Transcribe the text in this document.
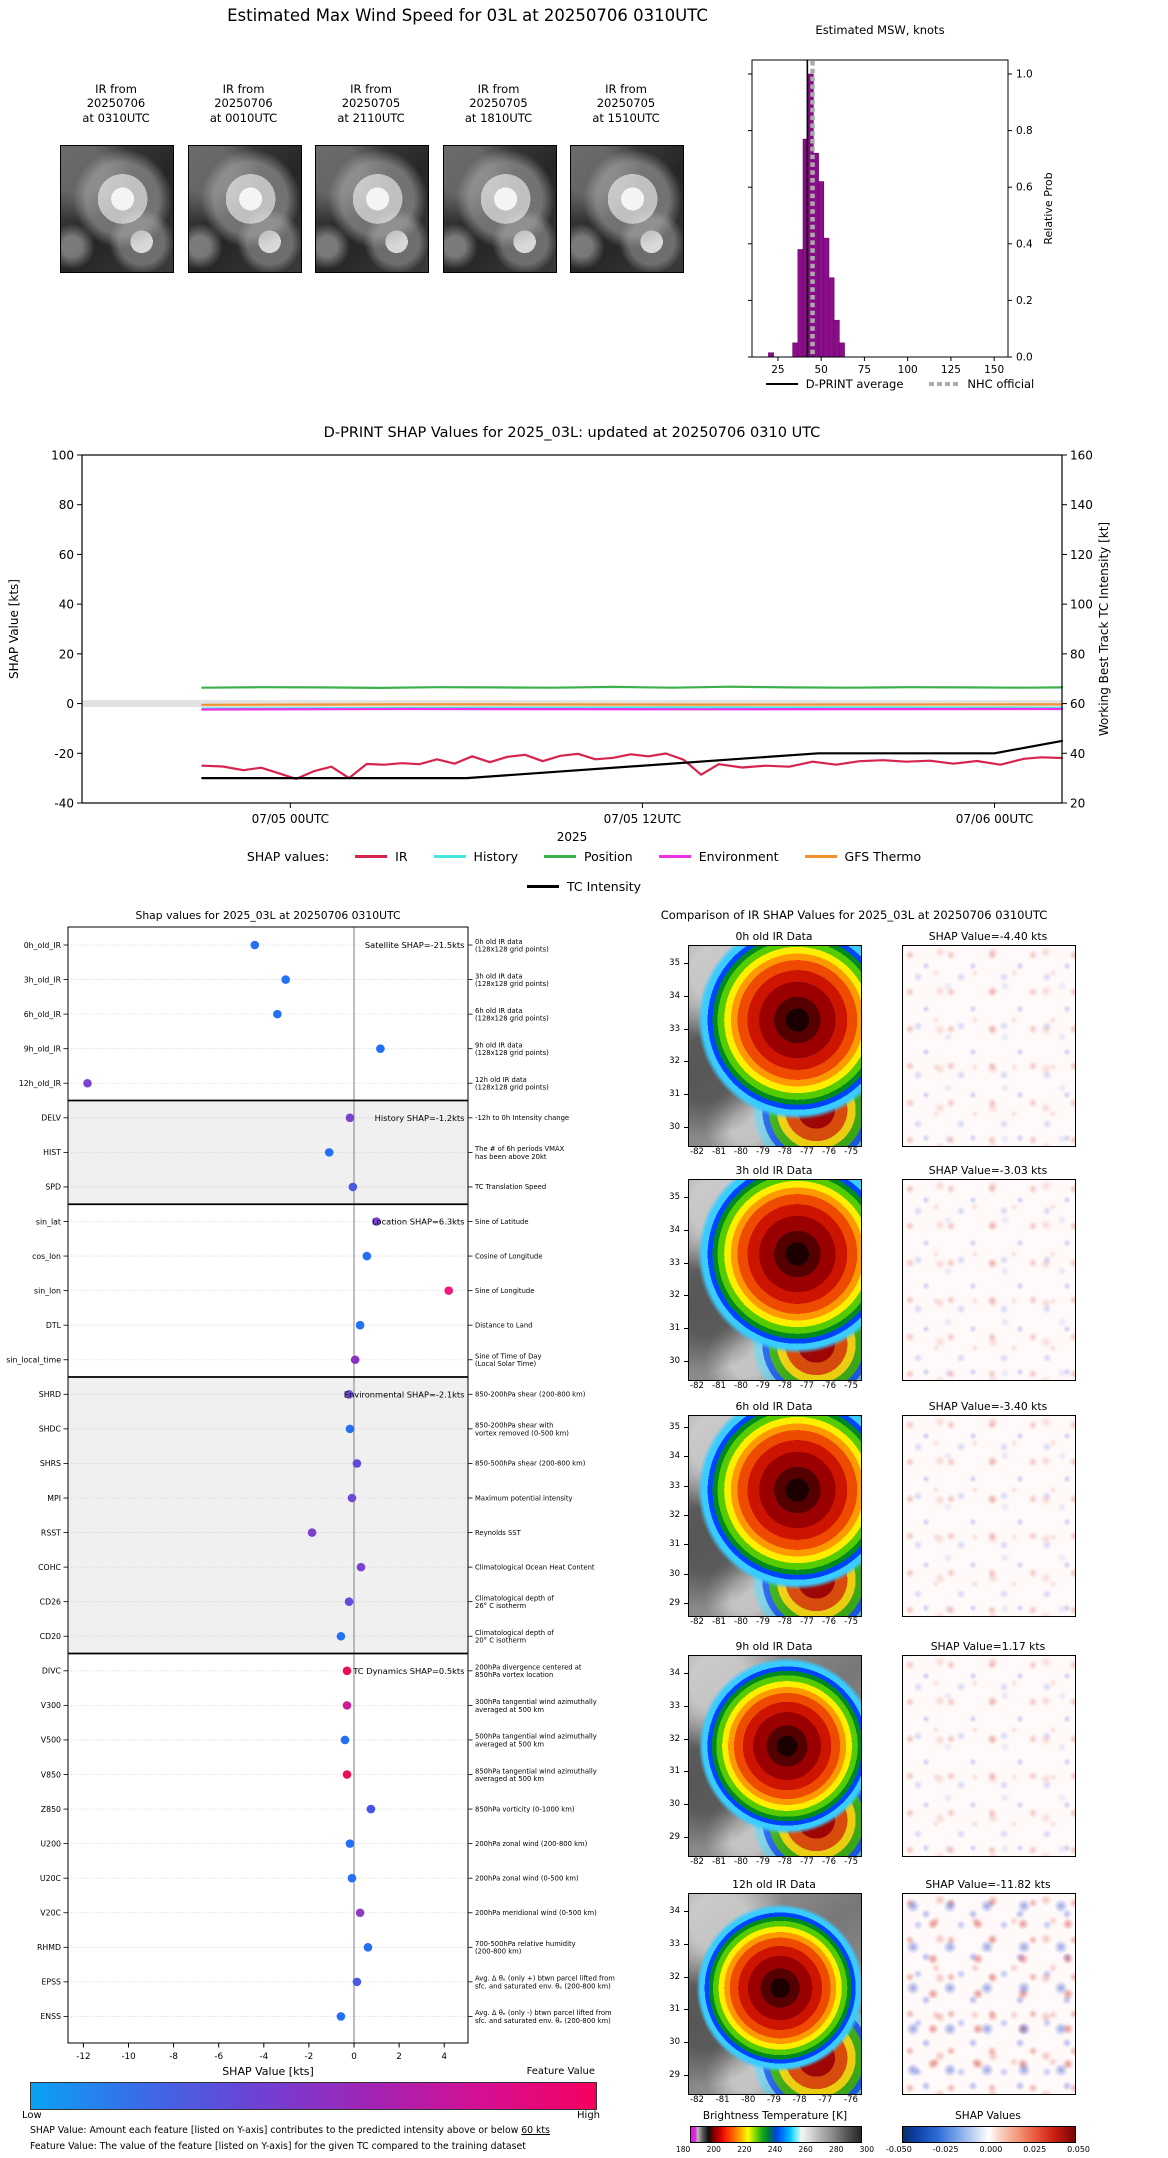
Estimated Max Wind Speed for 03L at 20250706 0310UTC
Comparison of IR SHAP Values for 2025_03L at 20250706 0310UTC
Feature Value
Low	High
SHAP Value: Amount each feature [listed on Y-axis] contributes to the predicted intensity above or below 60 kts
Feature Value: The value of the feature [listed on Y-axis] for the given TC compared to the training dataset
Brightness Temperature [K]
180 200 220 240 260 280 300
SHAP Values
-0.050	-0.025	0.000	0.025	0.050
IR from
20250706
at 0310UTC
IR from
20250706
at 0010UTC
IR from
20250705
at 2110UTC
IR from
20250705
at 1810UTC
IR from
20250705
at 1510UTC
Estimated MSW, knots
0.0
0.2
0.4
0.6
0.8
1.0
25	50	75	100 125 150
Relative Prob
D-PRINT average	NHC official
D-PRINT SHAP Values for 2025_03L: updated at 20250706 0310 UTC
100
80
60
40
20
0
-20
-40
160
140
120
100
80
60
40
20
07/05 00UTC	07/05 12UTC	07/06 00UTC
2025
SHAP Value [kts]	Working Best Track TC Intensity [kt]
SHAP values:	IR	History	Position	Environment	GFS Thermo
TC Intensity
Shap values for 2025_03L at 20250706 0310UTC
0h_old_IR	0h old IR data
(128x128 grid points)
3h_old_IR	3h old IR data
(128x128 grid points)
6h_old_IR	6h old IR data
(128x128 grid points)
9h_old_IR	9h old IR data
(128x128 grid points)
12h_old_IR	12h old IR data
(128x128 grid points)
DELV	-12h to 0h Intensity change
HIST	The # of 6h periods VMAX
has been above 20kt
SPD	TC Translation Speed
sin_lat	Sine of Latitude
cos_lon	Cosine of Longitude
sin_lon	Sine of Longitude
DTL	Distance to Land
sin_local_time	Sine of Time of Day
(Local Solar Time)
SHRD	850-200hPa shear (200-800 km)
SHDC	850-200hPa shear with
vortex removed (0-500 km)
SHRS	850-500hPa shear (200-800 km)
MPI	Maximum potential intensity
RSST	Reynolds SST
COHC	Climatological Ocean Heat Content
CD26	Climatological depth of
26° C isotherm
CD20	Climatological depth of
20° C isotherm
DIVC	200hPa divergence centered at
850hPa vortex location
V300	300hPa tangential wind azimuthally
averaged at 500 km
V500	500hPa tangential wind azimuthally
averaged at 500 km
V850	850hPa tangential wind azimuthally
averaged at 500 km
Z850	850hPa vorticity (0-1000 km)
U200	200hPa zonal wind (200-800 km)
U20C	200hPa zonal wind (0-500 km)
V20C	200hPa meridional wind (0-500 km)
RHMD	700-500hPa relative humidity
(200-800 km)
EPSS	Avg. Δ θₑ (only +) btwn parcel lifted from
sfc. and saturated env. θₑ (200-800 km)
ENSS	Avg. Δ θₑ (only -) btwn parcel lifted from
sfc. and saturated env. θₑ (200-800 km)
Satellite SHAP=-21.5kts
History SHAP=-1.2kts
Location SHAP=6.3kts
Environmental SHAP=-2.1kts
TC Dynamics SHAP=0.5kts
-12	-10	-8	-6	-4	-2	0	2	4
SHAP Value [kts]
0h old IR Data	SHAP Value=-4.40 kts
35
34
33
32
31
30
-82 -81 -80 -79 -78 -77 -76 -75
3h old IR Data	SHAP Value=-3.03 kts
35
34
33
32
31
30
-82 -81 -80 -79 -78 -77 -76 -75
6h old IR Data	SHAP Value=-3.40 kts
35
34
33
32
31
30
29
-82 -81 -80 -79 -78 -77 -76 -75
9h old IR Data	SHAP Value=1.17 kts
34
33
32
31
30
29
-82 -81 -80 -79 -78 -77 -76 -75
12h old IR Data	SHAP Value=-11.82 kts
34
33
32
31
30
29
-82 -81 -80 -79 -78 -77 -76
